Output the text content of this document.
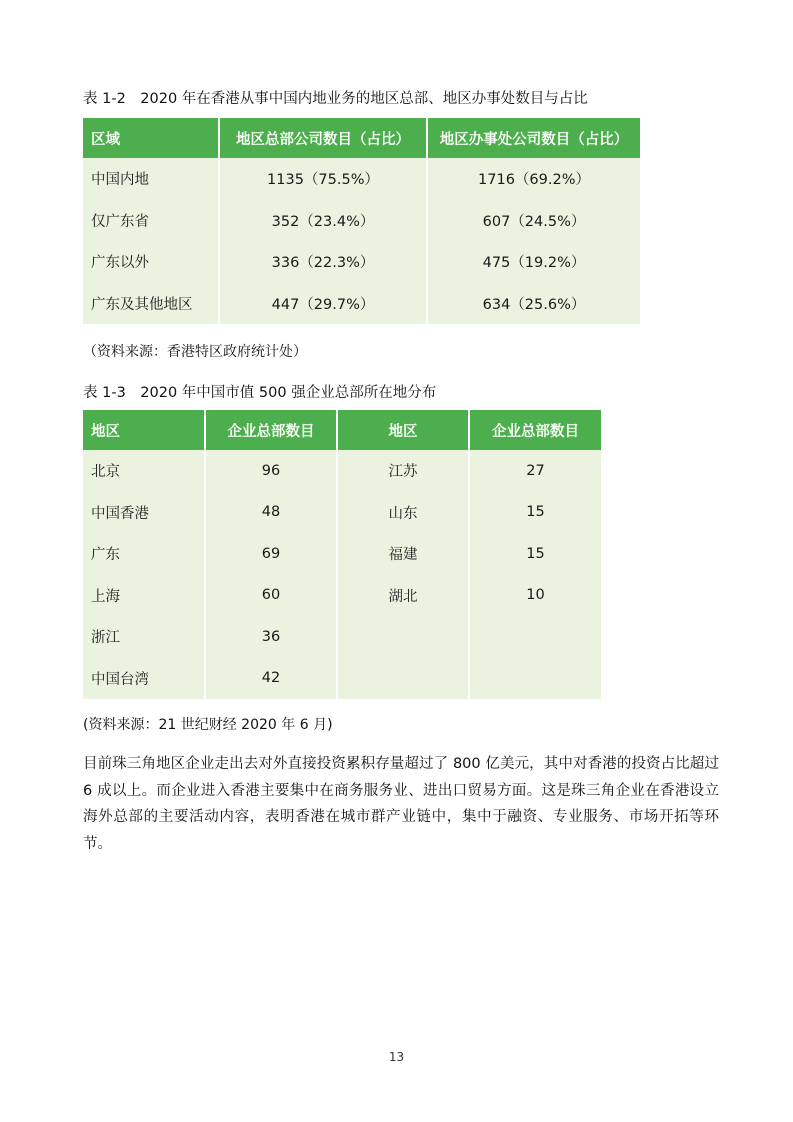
表 1-2　2020 年在香港从事中国内地业务的地区总部、地区办事处数目与占比
区域	地区总部公司数目（占比）	地区办事处公司数目（占比）
中国内地	1135（75.5%）	1716（69.2%）
仅广东省	352（23.4%）	607（24.5%）
广东以外	336（22.3%）	475（19.2%）
广东及其他地区	447（29.7%）	634（25.6%）
（资料来源：香港特区政府统计处）
表 1-3　2020 年中国市值 500 强企业总部所在地分布
地区	企业总部数目	地区	企业总部数目
北京	96	江苏	27
中国香港	48	山东	15
广东	69	福建	15
上海	60	湖北	10
浙江	36		
中国台湾	42		
(资料来源：21 世纪财经 2020 年 6 月)
目前珠三角地区企业走出去对外直接投资累积存量超过了 800 亿美元，其中对香港的投资占比超过 6 成以上。而企业进入香港主要集中在商务服务业、进出口贸易方面。这是珠三角企业在香港设立海外总部的主要活动内容，表明香港在城市群产业链中，集中于融资、专业服务、市场开拓等环节。
13
